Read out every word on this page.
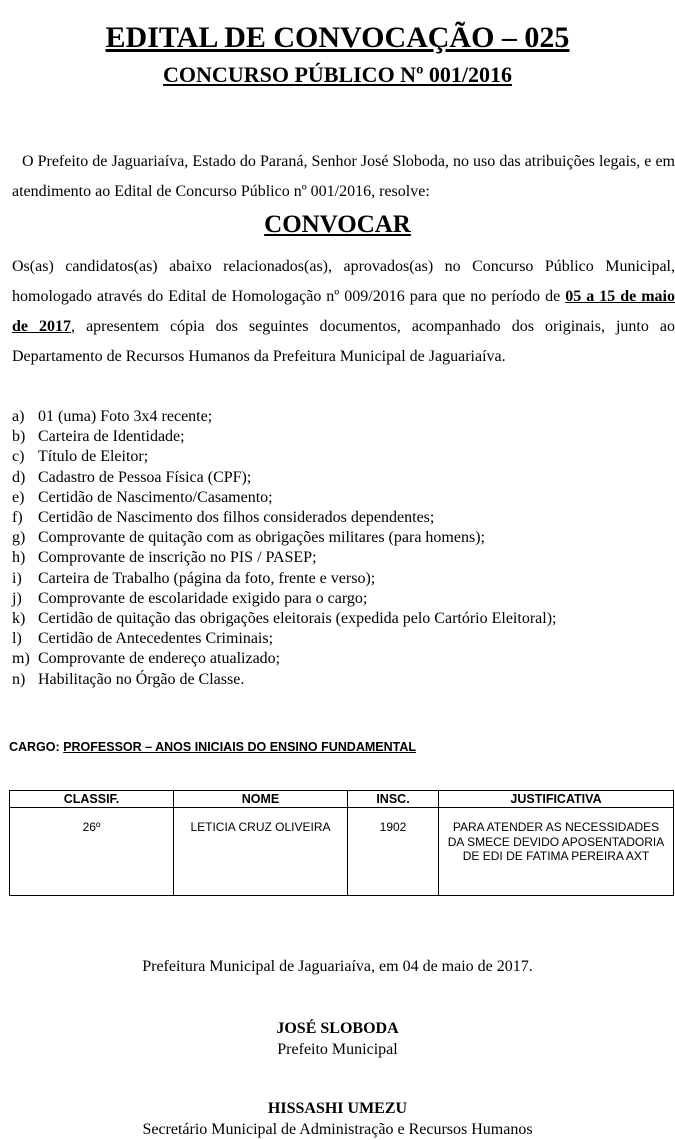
EDITAL DE CONVOCAÇÃO – 025
CONCURSO PÚBLICO Nº 001/2016
O Prefeito de Jaguariaíva, Estado do Paraná, Senhor José Sloboda, no uso das atribuições legais, e em atendimento ao Edital de Concurso Público nº 001/2016, resolve:
CONVOCAR
Os(as) candidatos(as) abaixo relacionados(as), aprovados(as) no Concurso Público Municipal, homologado através do Edital de Homologação nº 009/2016 para que no período de 05 a 15 de maio de 2017, apresentem cópia dos seguintes documentos, acompanhado dos originais, junto ao Departamento de Recursos Humanos da Prefeitura Municipal de Jaguariaíva.
a) 01 (uma) Foto 3x4 recente;
b) Carteira de Identidade;
c) Título de Eleitor;
d) Cadastro de Pessoa Física (CPF);
e) Certidão de Nascimento/Casamento;
f) Certidão de Nascimento dos filhos considerados dependentes;
g) Comprovante de quitação com as obrigações militares (para homens);
h) Comprovante de inscrição no PIS / PASEP;
i)	Carteira de Trabalho (página da foto, frente e verso);
j)	Comprovante de escolaridade exigido para o cargo;
k) Certidão de quitação das obrigações eleitorais (expedida pelo Cartório Eleitoral);
l)	Certidão de Antecedentes Criminais;
m) Comprovante de endereço atualizado;
n) Habilitação no Órgão de Classe.
CARGO: PROFESSOR – ANOS INICIAIS DO ENSINO FUNDAMENTAL
CLASSIF.	NOME	INSC.	JUSTIFICATIVA
26º	LETICIA CRUZ OLIVEIRA	1902	PARA ATENDER AS NECESSIDADES DA SMECE DEVIDO APOSENTADORIA DE EDI DE FATIMA PEREIRA AXT
Prefeitura Municipal de Jaguariaíva, em 04 de maio de 2017.
JOSÉ SLOBODA
Prefeito Municipal
HISSASHI UMEZU
Secretário Municipal de Administração e Recursos Humanos
